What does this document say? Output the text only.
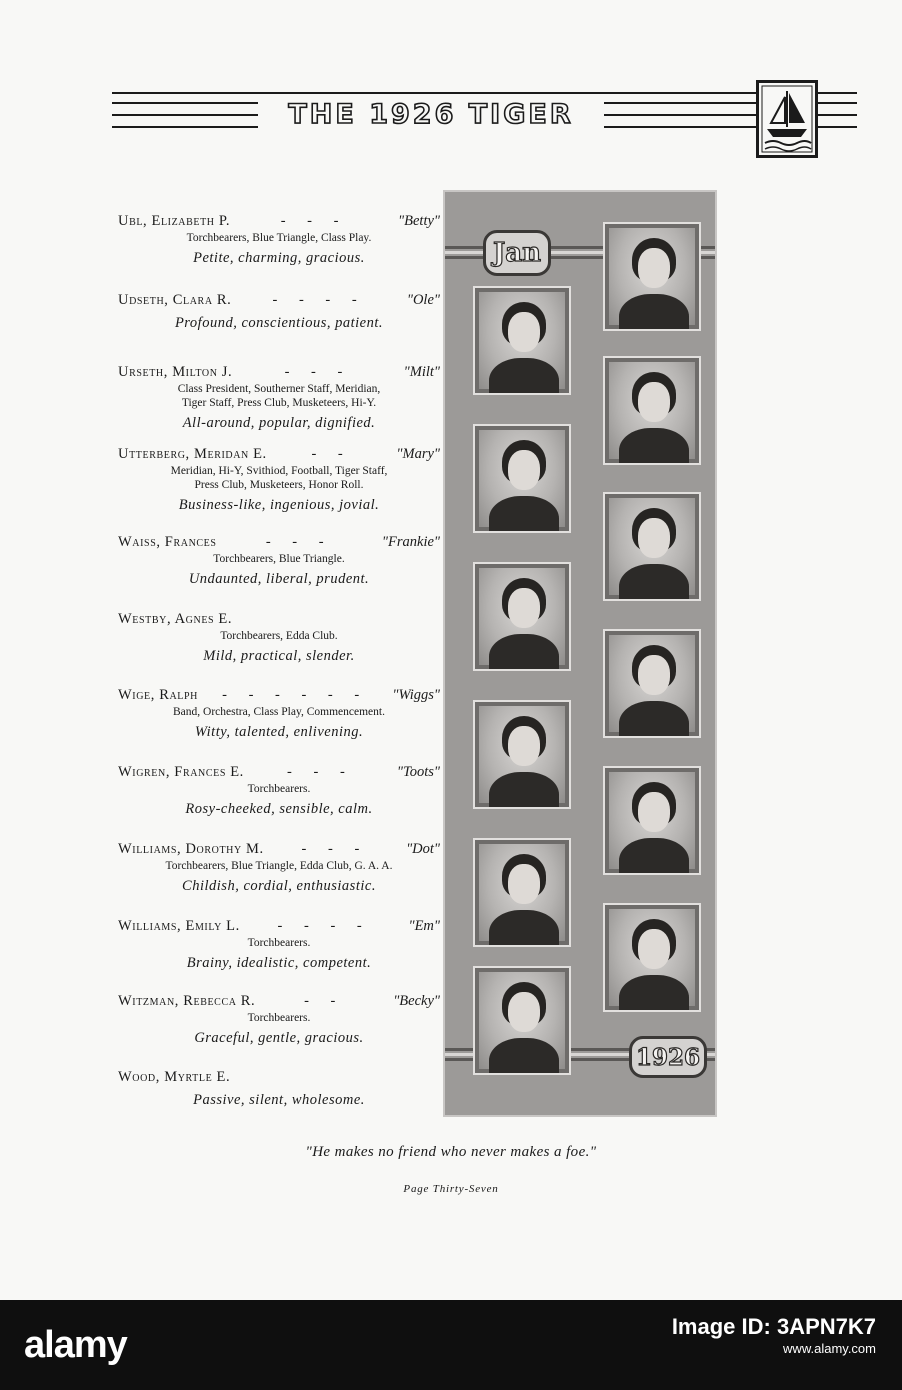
THE 1926 TIGER
Ubl, Elizabeth P.	- - -	"Betty"
Torchbearers, Blue Triangle, Class Play.
Petite, charming, gracious.
Udseth, Clara R.	- - - -	"Ole"
Profound, conscientious, patient.
Urseth, Milton J.	- - -	"Milt"
Class President, Southerner Staff, Meridian,
Tiger Staff, Press Club, Musketeers, Hi-Y.
All-around, popular, dignified.
Utterberg, Meridan E.	- -	"Mary"
Meridian, Hi-Y, Svithiod, Football, Tiger Staff,
Press Club, Musketeers, Honor Roll.
Business-like, ingenious, jovial.
Waiss, Frances	- - -	"Frankie"
Torchbearers, Blue Triangle.
Undaunted, liberal, prudent.
Westby, Agnes E.
Torchbearers, Edda Club.
Mild, practical, slender.
Wige, Ralph	- - - - - -	"Wiggs"
Band, Orchestra, Class Play, Commencement.
Witty, talented, enlivening.
Wigren, Frances E.	- - -	"Toots"
Torchbearers.
Rosy-cheeked, sensible, calm.
Williams, Dorothy M.	- - -	"Dot"
Torchbearers, Blue Triangle, Edda Club, G. A. A.
Childish, cordial, enthusiastic.
Williams, Emily L.	- - - -	"Em"
Torchbearers.
Brainy, idealistic, competent.
Witzman, Rebecca R.	- -	"Becky"
Torchbearers.
Graceful, gentle, gracious.
Wood, Myrtle E.
Passive, silent, wholesome.
Jan
1926
"He makes no friend who never makes a foe."
Page Thirty-Seven
alamy	Image ID: 3APN7K7
www.alamy.com
